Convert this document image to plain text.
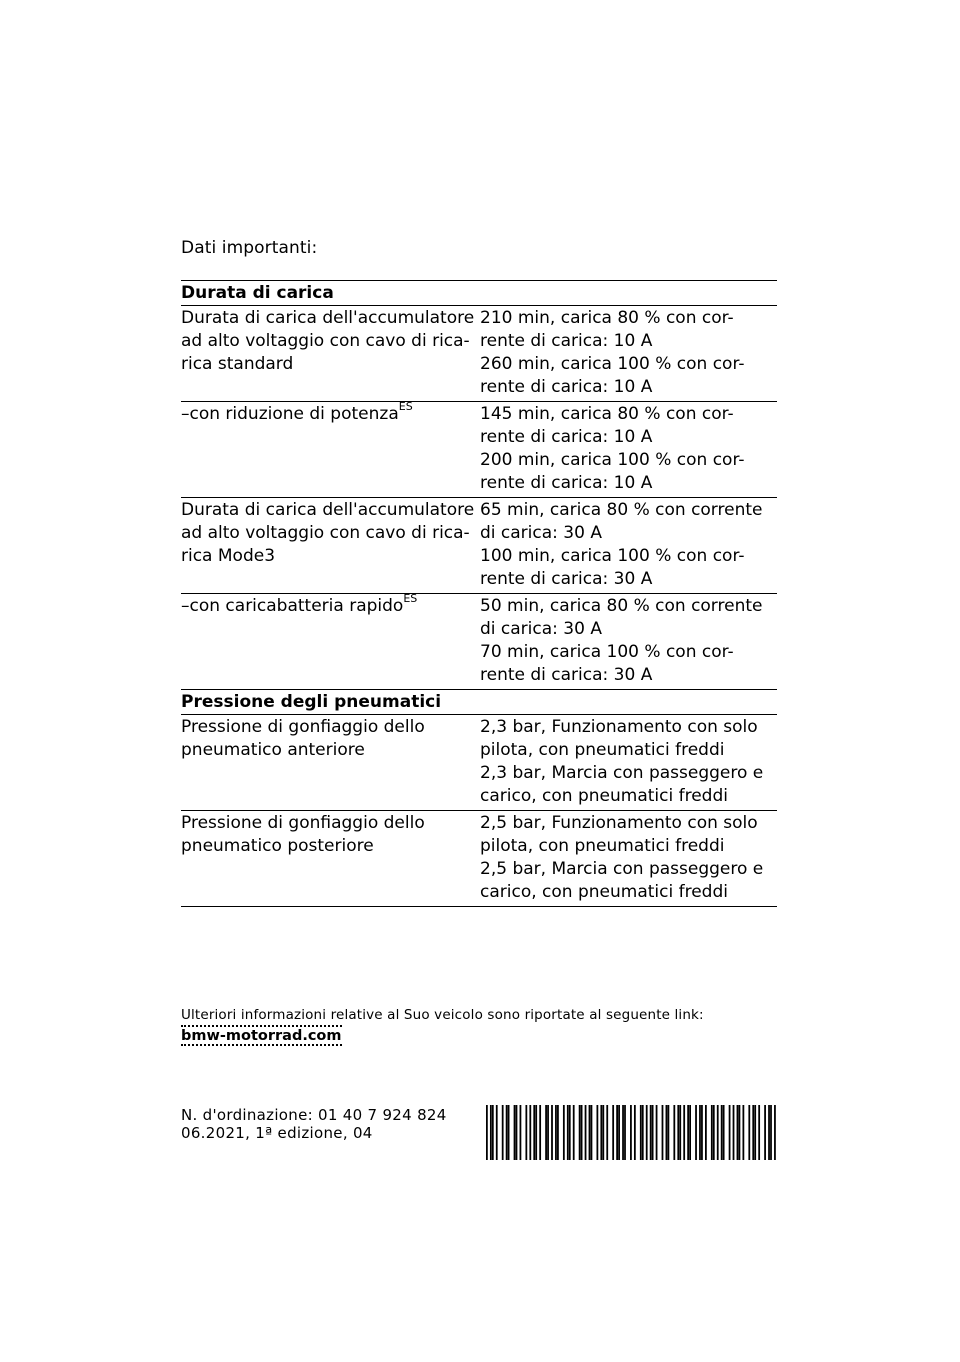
Dati importanti:
Durata di carica
Durata di carica dell'accumulatore
ad alto voltaggio con cavo di rica-
rica standard
210 min, carica 80 % con cor-
rente di carica: 10 A
260 min, carica 100 % con cor-
rente di carica: 10 A
–con riduzione di potenza$^{ES}$	145 min, carica 80 % con cor-
rente di carica: 10 A
200 min, carica 100 % con cor-
rente di carica: 10 A
Durata di carica dell'accumulatore
ad alto voltaggio con cavo di rica-
rica Mode3
65 min, carica 80 % con corrente
di carica: 30 A
100 min, carica 100 % con cor-
rente di carica: 30 A
–con caricabatteria rapido$^{ES}$	50 min, carica 80 % con corrente
di carica: 30 A
70 min, carica 100 % con cor-
rente di carica: 30 A
Pressione degli pneumatici
Pressione di gonfiaggio dello
pneumatico anteriore
2,3 bar, Funzionamento con solo
pilota, con pneumatici freddi
2,3 bar, Marcia con passeggero e
carico, con pneumatici freddi
Pressione di gonfiaggio dello
pneumatico posteriore
2,5 bar, Funzionamento con solo
pilota, con pneumatici freddi
2,5 bar, Marcia con passeggero e
carico, con pneumatici freddi
Ulteriori informazioni relative al Suo veicolo sono riportate al seguente link:
bmw-motorrad.com
N. d'ordinazione: 01 40 7 924 824
06.2021, 1ª edizione, 04
